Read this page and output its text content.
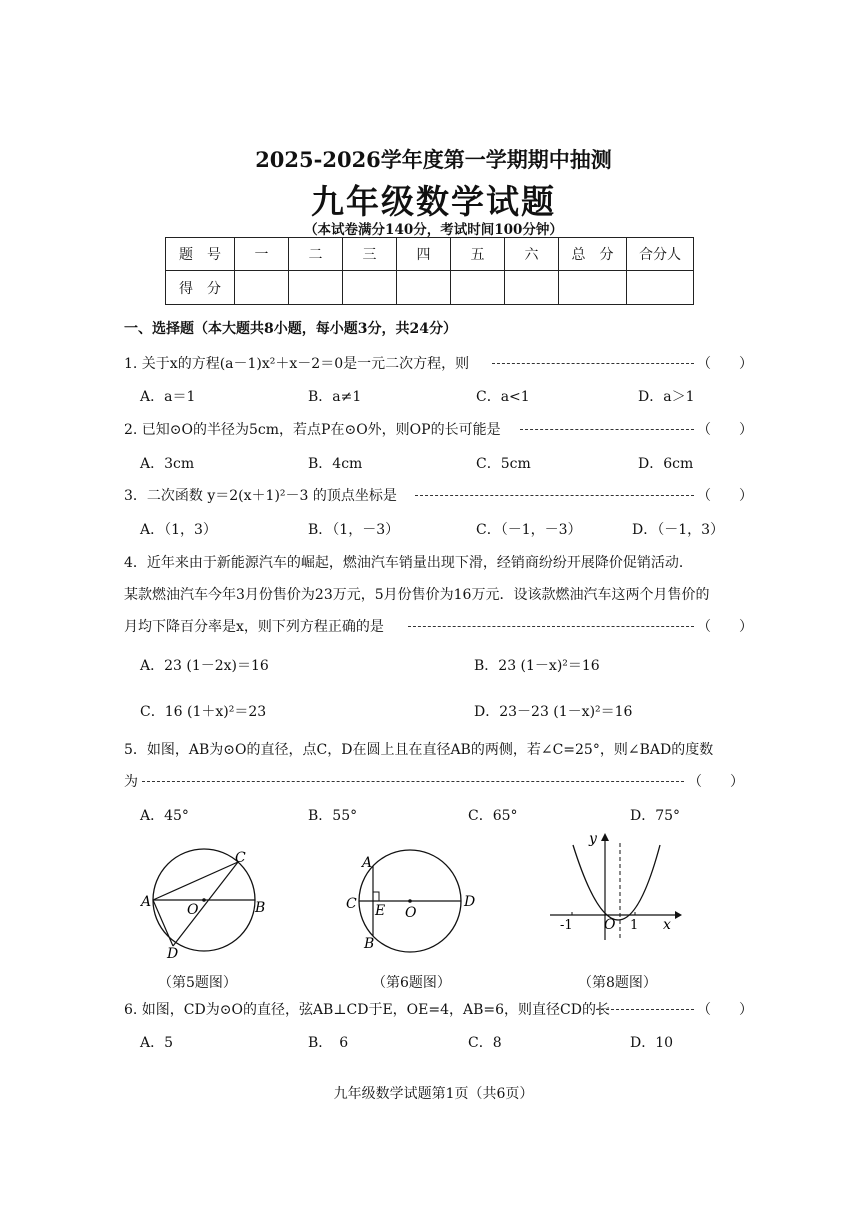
2025-2026学年度第一学期期中抽测
九年级数学试题
（本试卷满分140分，考试时间100分钟）
题　号	一	二	三	四	五	六	总　分	合分人
得　分								
一、选择题（本大题共8小题，每小题3分，共24分）
1. 关于x的方程(a－1)x²＋x－2＝0是一元二次方程，则	（　　）
A．a＝1	B．a≠1	C．a<1	D．a＞1
2. 已知⊙O的半径为5cm，若点P在⊙O外，则OP的长可能是	（　　）
A．3cm	B．4cm	C．5cm	D．6cm
3．二次函数 y＝2(x＋1)²－3 的顶点坐标是	（　　）
A．（1，3）	B．（1，－3）	C．（－1，－3）	D．（－1，3）
4．近年来由于新能源汽车的崛起，燃油汽车销量出现下滑，经销商纷纷开展降价促销活动．
某款燃油汽车今年3月份售价为23万元，5月份售价为16万元．设该款燃油汽车这两个月售价的
月均下降百分率是x，则下列方程正确的是	（　　）
A．23 (1－2x)＝16	B．23 (1－x)²＝16
C．16 (1＋x)²＝23	D．23－23 (1－x)²＝16
5．如图，AB为⊙O的直径，点C，D在圆上且在直径AB的两侧，若∠C=25°，则∠BAD的度数
为	（　　）
A．45°	B．55°	C．65°	D．75°
C
A	O	B
D
（第5题图）
A
C E O
D
B
（第6题图）
y
O	x
-1	1
（第8题图）
6. 如图，CD为⊙O的直径，弦AB⊥CD于E，OE=4，AB=6，则直径CD的长	（　　）
A．5	B．　6	C．8	D．10
九年级数学试题第1页（共6页）
